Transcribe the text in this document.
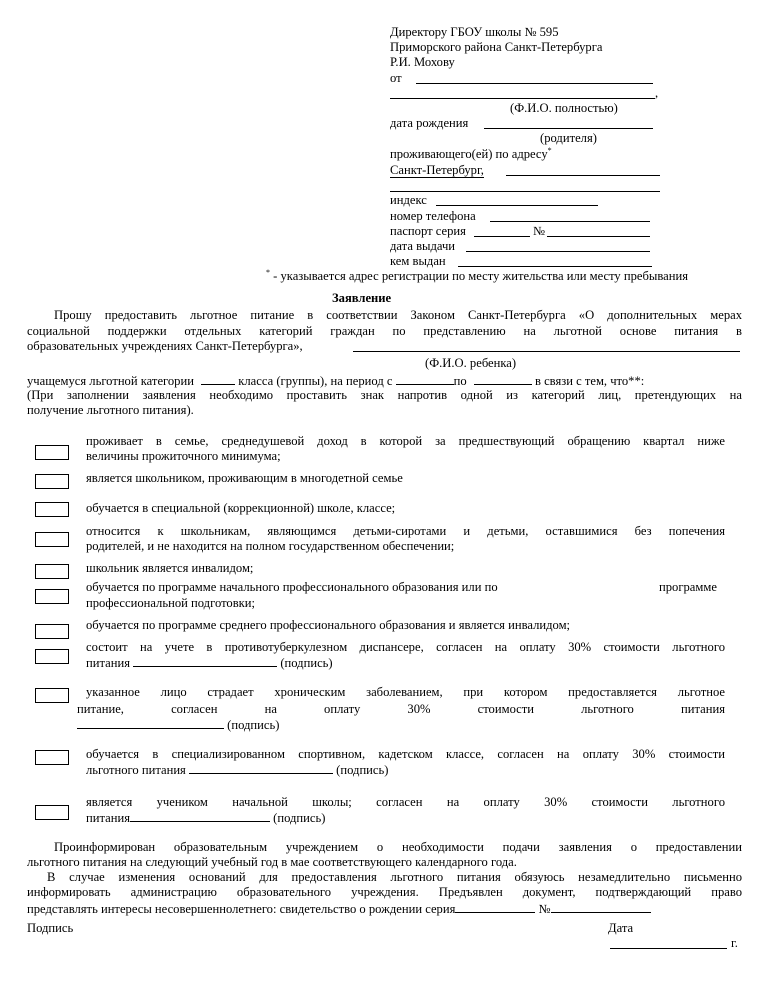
Директору ГБОУ школы № 595
Приморского района Санкт-Петербурга
Р.И. Мохову
от
,
(Ф.И.О. полностью)
дата рождения
(родителя)
проживающего(ей) по адресу*
Санкт-Петербург,
индекс
номер телефона
паспорт серия	№
дата выдачи
кем выдан
* - указывается адрес регистрации по месту жительства или месту пребывания
Заявление
Прошу предоставить льготное питание в соответствии Законом Санкт-Петербурга «О дополнительных мерах
социальной поддержки отдельных категорий граждан по представлению на льготной основе питания в
образовательных учреждениях Санкт-Петербурга»,
(Ф.И.О. ребенка)
учащемуся льготной категории	класса (группы), на период с	по	в связи с тем, что**:
(При заполнении заявления необходимо проставить знак напротив одной из категорий лиц, претендующих на
получение льготного питания).
проживает в семье, среднедушевой доход в которой за предшествующий обращению квартал ниже
величины прожиточного минимума;
является школьником, проживающим в многодетной семье
обучается в специальной (коррекционной) школе, классе;
относится к школьникам, являющимся детьми-сиротами и детьми, оставшимися без попечения
родителей, и не находится на полном государственном обеспечении;
школьник является инвалидом;
обучается по программе начального профессионального образования или по	программе
профессиональной подготовки;
обучается по программе среднего профессионального образования и является инвалидом;
состоит на учете в противотуберкулезном диспансере, согласен на оплату 30% стоимости льготного
питания	(подпись)
указанное лицо страдает хроническим заболеванием, при котором предоставляется льготное
питание, согласен на оплату 30% стоимости льготного питания
(подпись)
обучается в специализированном спортивном, кадетском классе, согласен на оплату 30% стоимости
льготного питания	(подпись)
является учеником начальной школы; согласен на оплату 30% стоимости льготного
питания	(подпись)
Проинформирован образовательным учреждением о необходимости подачи заявления о предоставлении
льготного питания на следующий учебный год в мае соответствующего календарного года.
В случае изменения оснований для предоставления льготного питания обязуюсь незамедлительно письменно
информировать администрацию образовательного учреждения. Предъявлен документ, подтверждающий право
представлять интересы несовершеннолетнего: свидетельство о рождении серия	№
Подпись	Дата
г.
